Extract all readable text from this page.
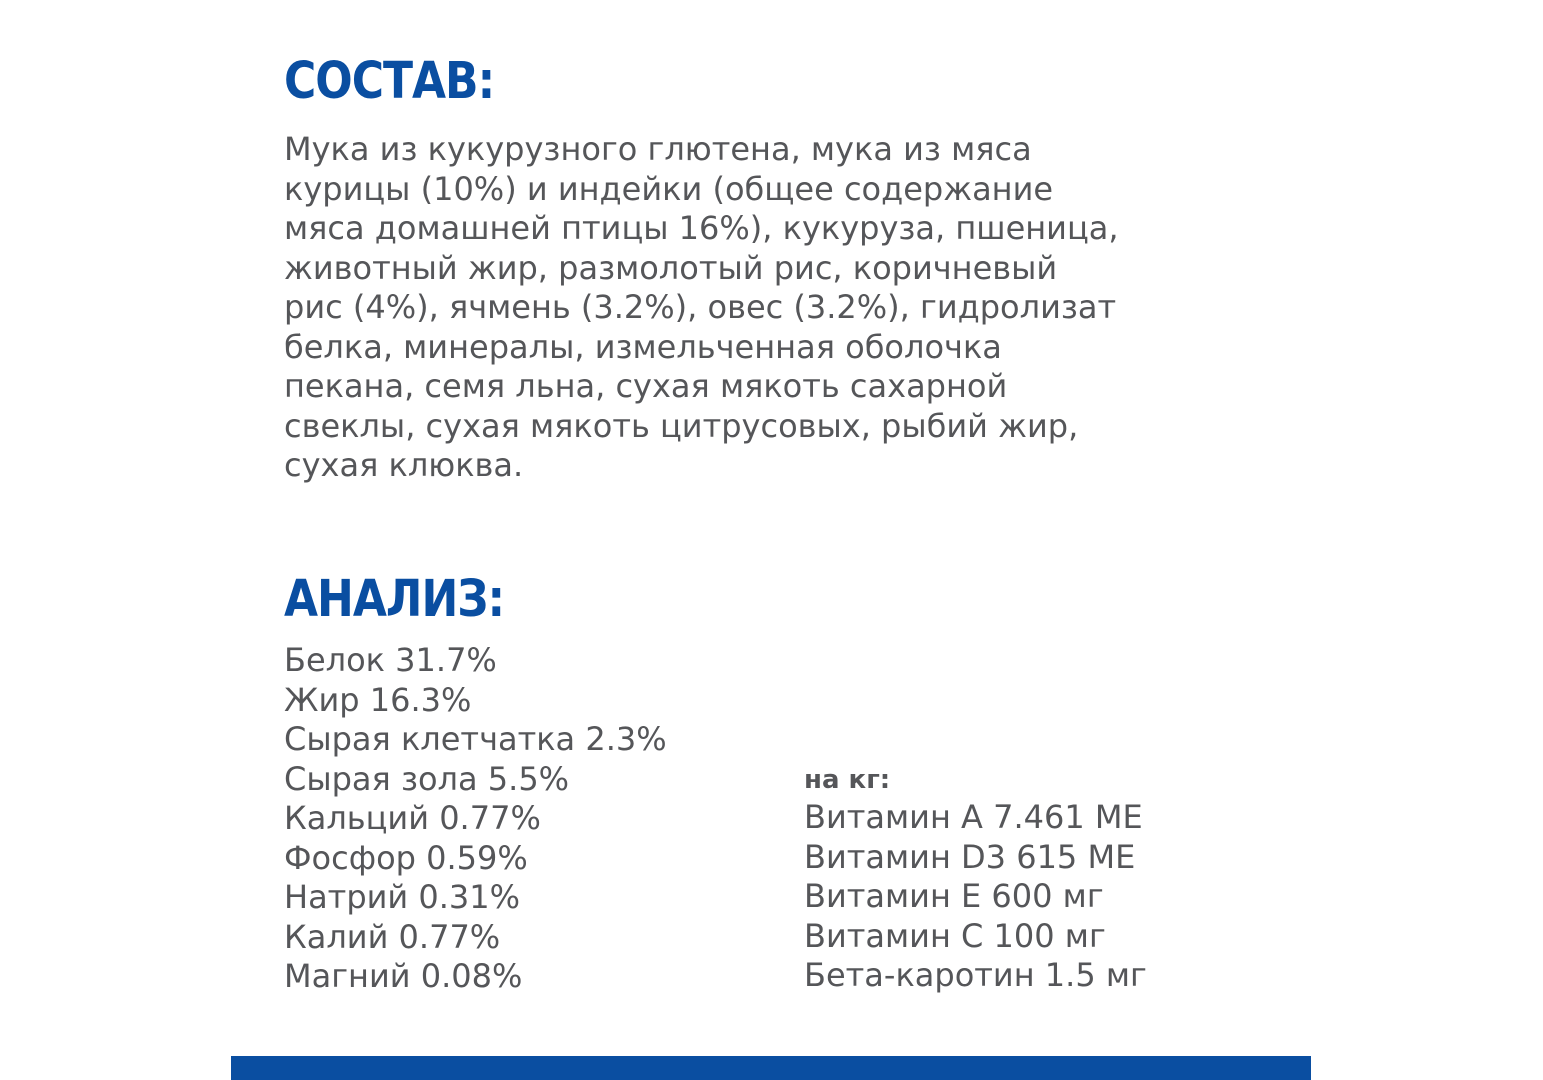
СОСТАВ:

Мука из кукурузного глютена, мука из мяса
курицы (10%) и индейки (общее содержание
мяса домашней птицы 16%), кукуруза, пшеница,
животный жир, размолотый рис, коричневый
рис (4%), ячмень (3.2%), овес (3.2%), гидролизат
белка, минералы, измельченная оболочка
пекана, семя льна, сухая мякоть сахарной
свеклы, сухая мякоть цитрусовых, рыбий жир,
сухая клюква.

АНАЛИЗ:
Белок 31.7%
Жир 16.3%
Сырая клетчатка 2.3%
Сырая зола 5.5%
Кальций 0.77%
Фосфор 0.59%
Натрий 0.31%
Калий 0.77%
Магний 0.08%

на кг:

Витамин A 7.461 МЕ
Витамин D3 615 МЕ
Витамин Е 600 мг
Витамин С 100 мг
Бета-каротин 1.5 мг
